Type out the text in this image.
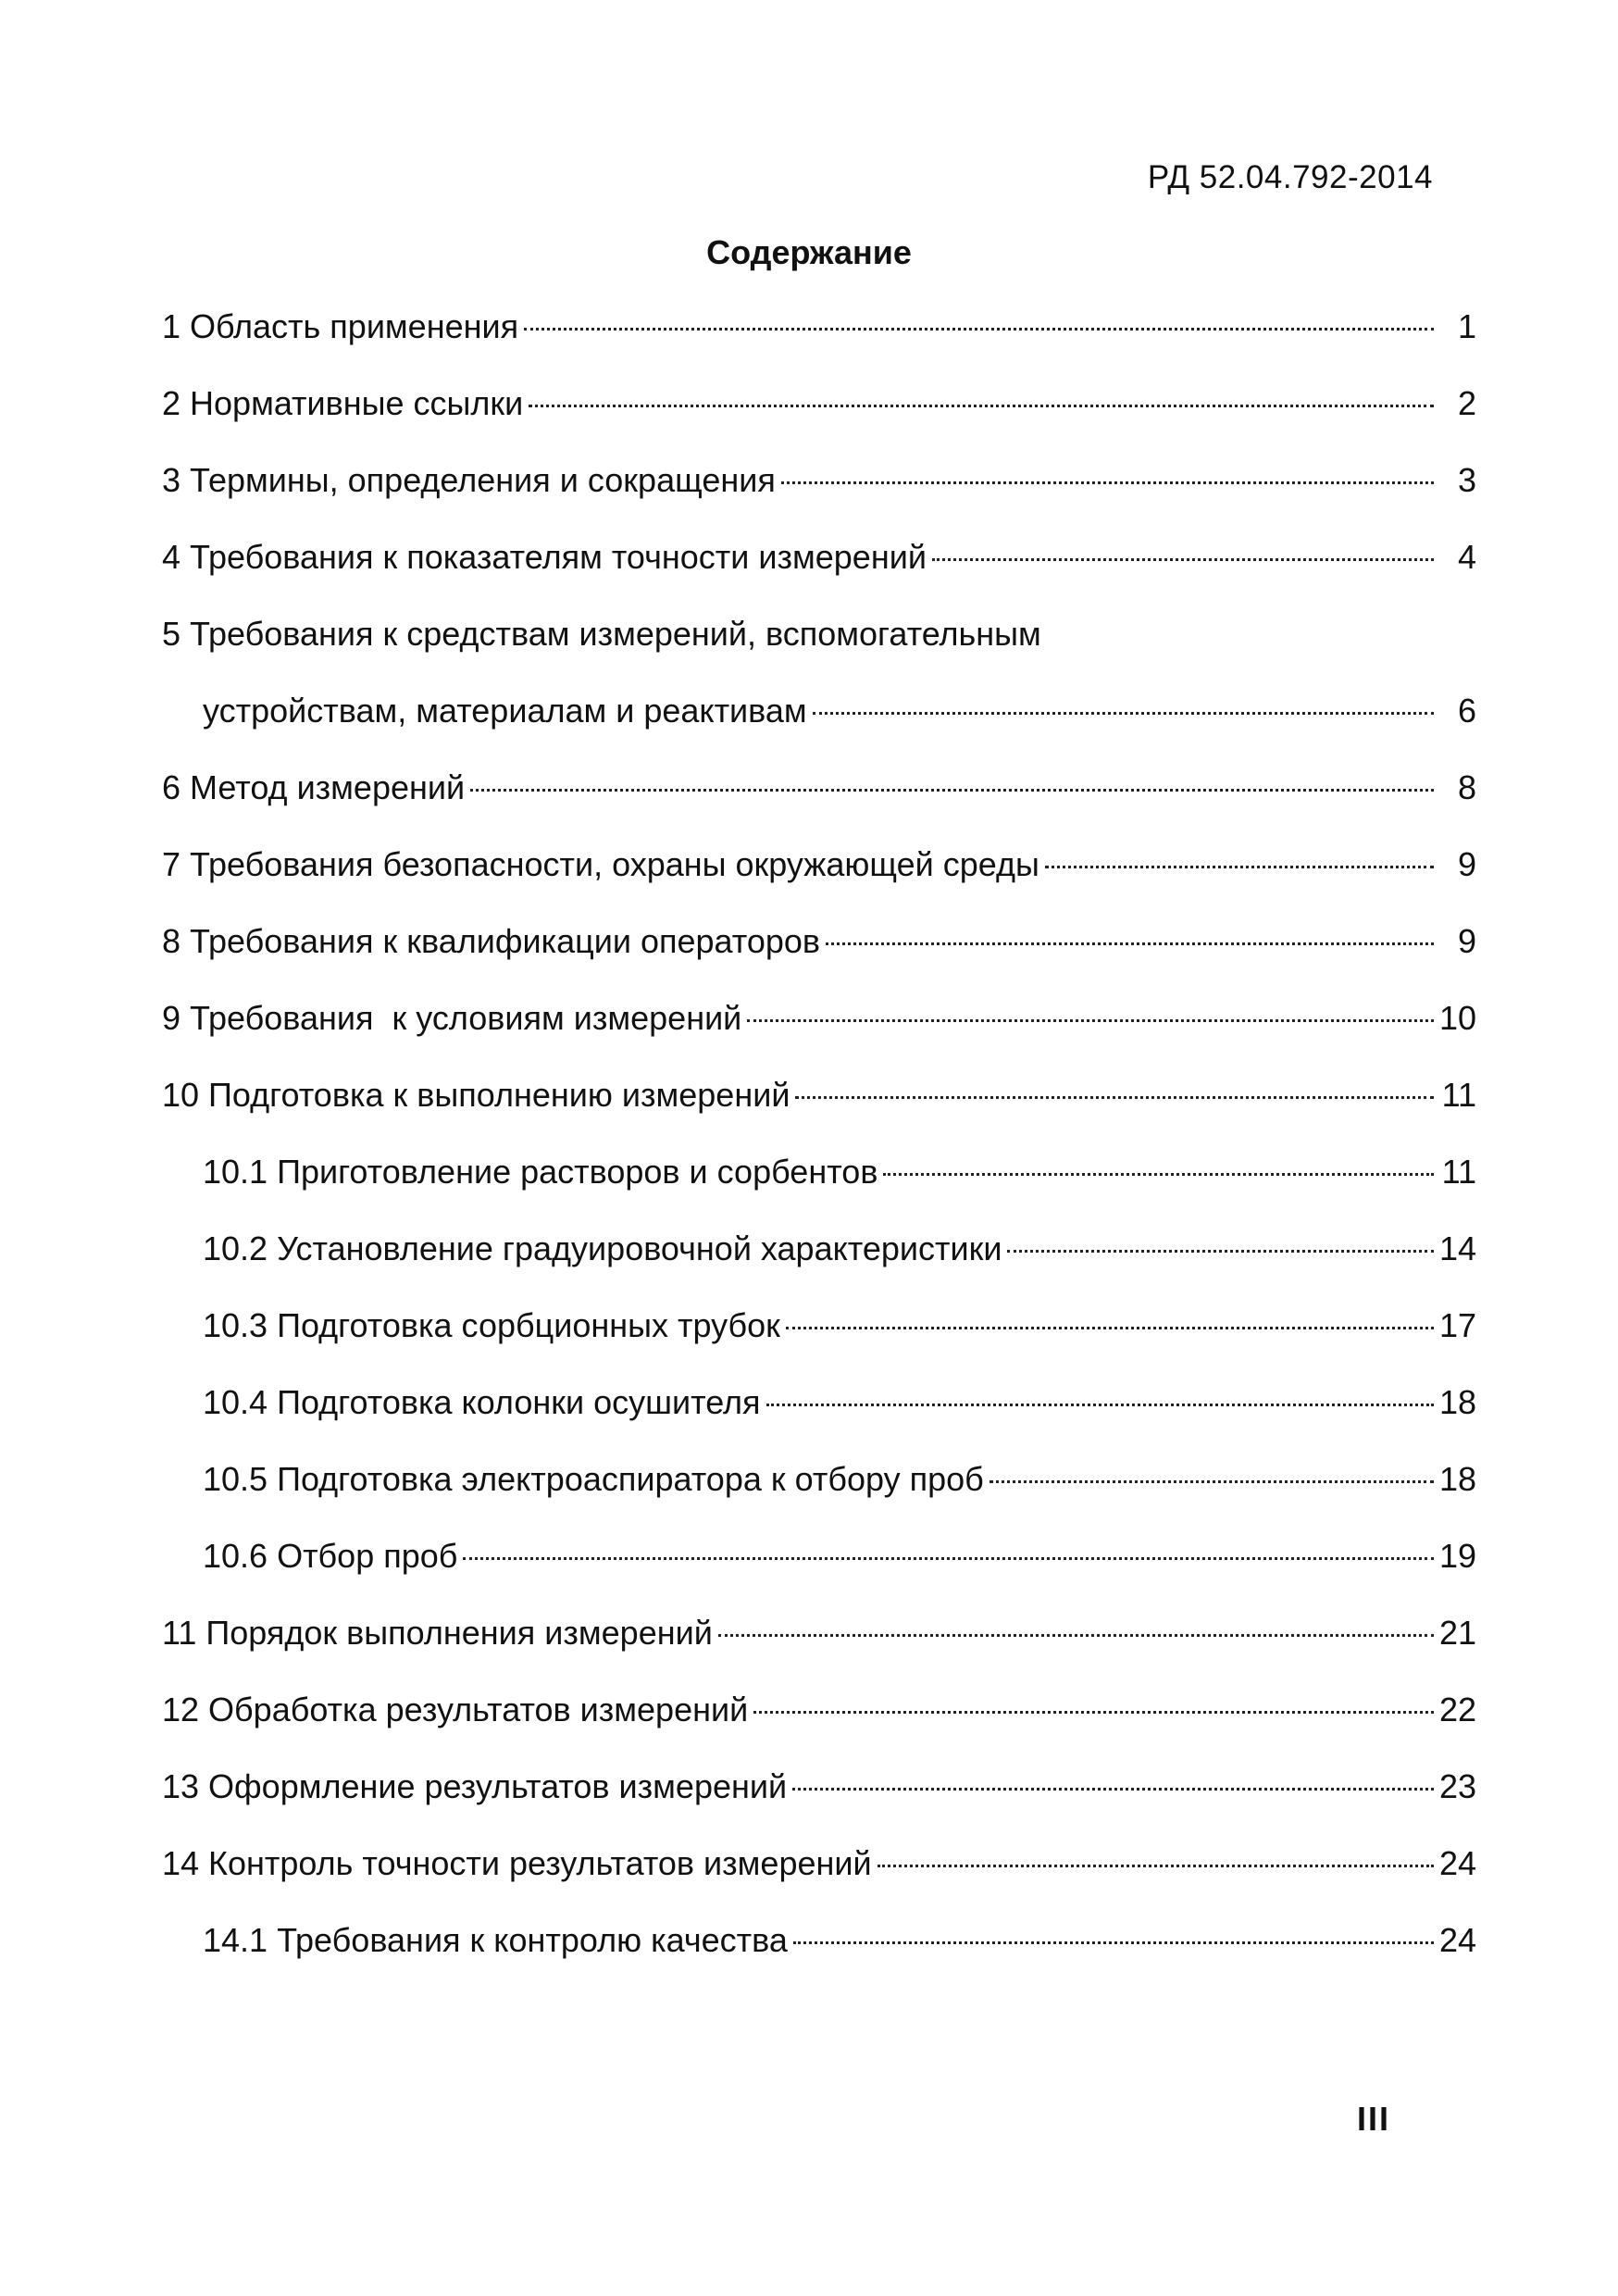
РД 52.04.792-2014
Содержание
1 Область применения	1
2 Нормативные ссылки	2
3 Термины, определения и сокращения	3
4 Требования к показателям точности измерений	4
5 Требования к средствам измерений, вспомогательным
устройствам, материалам и реактивам	6
6 Метод измерений	8
7 Требования безопасности, охраны окружающей среды	9
8 Требования к квалификации операторов	9
9 Требования  к условиям измерений	10
10 Подготовка к выполнению измерений	11
10.1 Приготовление растворов и сорбентов	11
10.2 Установление градуировочной характеристики	14
10.3 Подготовка сорбционных трубок	17
10.4 Подготовка колонки осушителя	18
10.5 Подготовка электроаспиратора к отбору проб	18
10.6 Отбор проб	19
11 Порядок выполнения измерений	21
12 Обработка результатов измерений	22
13 Оформление результатов измерений	23
14 Контроль точности результатов измерений	24
14.1 Требования к контролю качества	24
III
